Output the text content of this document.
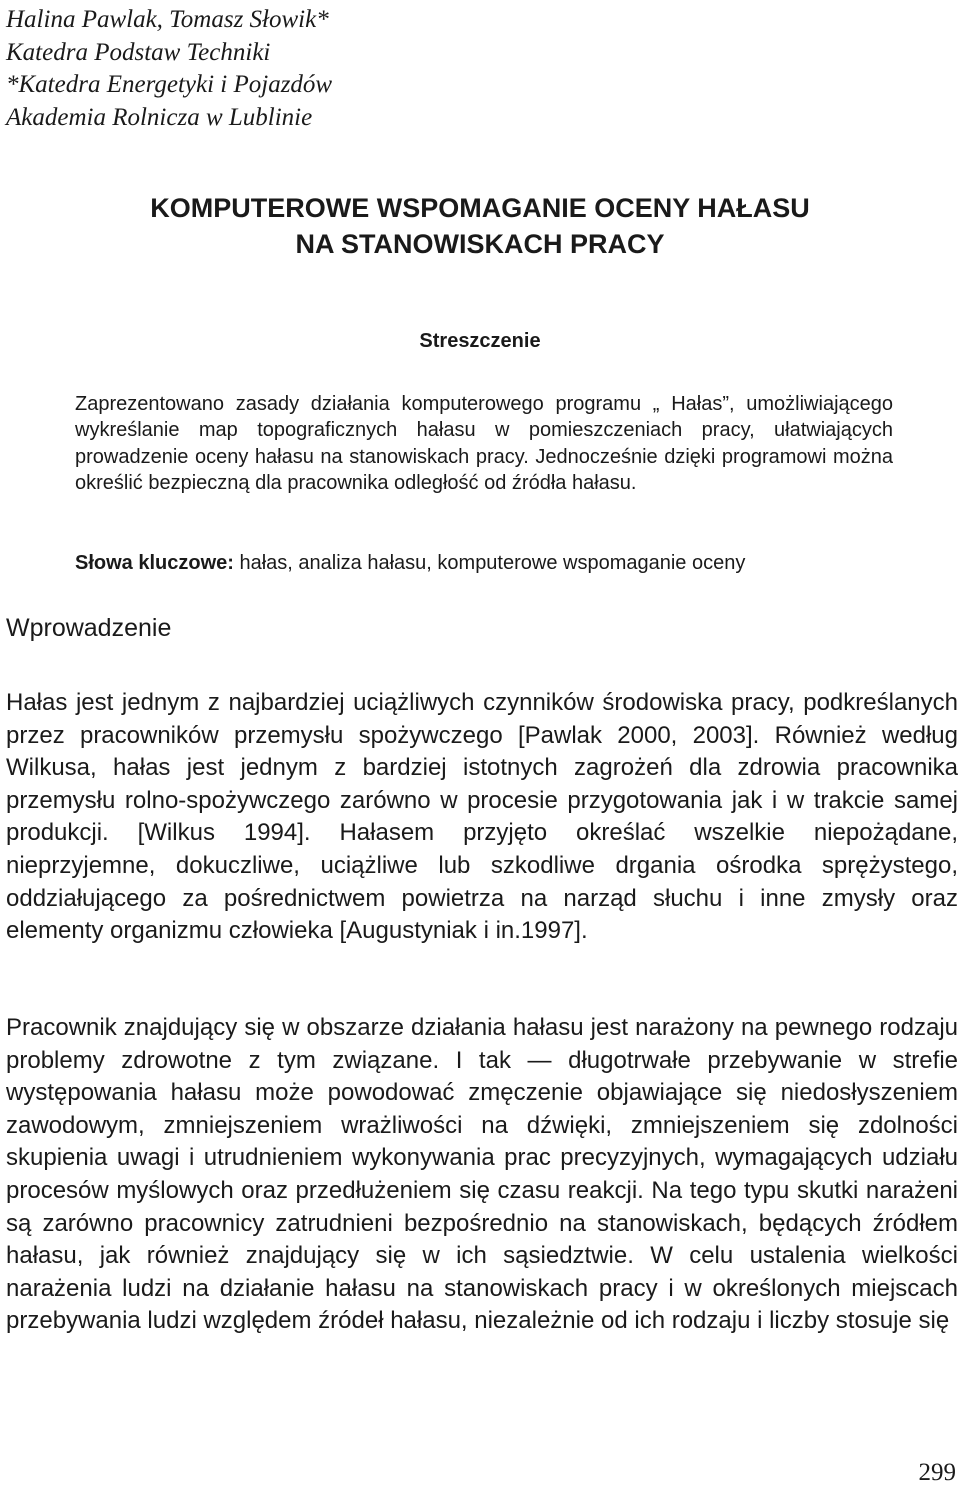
Halina Pawlak, Tomasz Słowik*
Katedra Podstaw Techniki
*Katedra Energetyki i Pojazdów
Akademia Rolnicza w Lublinie
KOMPUTEROWE WSPOMAGANIE OCENY HAŁASU
NA STANOWISKACH PRACY
Streszczenie

Zaprezentowano zasady działania komputerowego programu „ Hałas”, umożliwiającego wykreślanie map topograficznych hałasu w pomieszczeniach pracy, ułatwiających prowadzenie oceny hałasu na stanowiskach pracy. Jednocześnie dzięki programowi można określić bezpieczną dla pracownika odległość od źródła hałasu.

Słowa kluczowe: hałas, analiza hałasu, komputerowe wspomaganie oceny
Wprowadzenie

Hałas jest jednym z najbardziej uciążliwych czynników środowiska pracy, podkreślanych przez pracowników przemysłu spożywczego [Pawlak 2000, 2003]. Również według Wilkusa, hałas jest jednym z bardziej istotnych zagrożeń dla zdrowia pracownika przemysłu rolno-spożywczego zarówno w procesie przygotowania jak i w trakcie samej produkcji. [Wilkus 1994]. Hałasem przyjęto określać wszelkie niepożądane, nieprzyjemne, dokuczliwe, uciążliwe lub szkodliwe drgania ośrodka sprężystego, oddziałującego za pośrednictwem powietrza na narząd słuchu i inne zmysły oraz elementy organizmu człowieka [Augustyniak i in.1997].

Pracownik znajdujący się w obszarze działania hałasu jest narażony na pewnego rodzaju problemy zdrowotne z tym związane. I tak — długotrwałe przebywanie w strefie występowania hałasu może powodować zmęczenie objawiające się niedosłyszeniem zawodowym, zmniejszeniem wrażliwości na dźwięki, zmniejszeniem się zdolności skupienia uwagi i utrudnieniem wykonywania prac precyzyjnych, wymagających udziału procesów myślowych oraz przedłużeniem się czasu reakcji. Na tego typu skutki narażeni są zarówno pracownicy zatrudnieni bezpośrednio na stanowiskach, będących źródłem hałasu, jak również znajdujący się w ich sąsiedztwie. W celu ustalenia wielkości narażenia ludzi na działanie hałasu na stanowiskach pracy i w określonych miejscach przebywania ludzi względem źródeł hałasu, niezależnie od ich rodzaju i liczby stosuje się

299
